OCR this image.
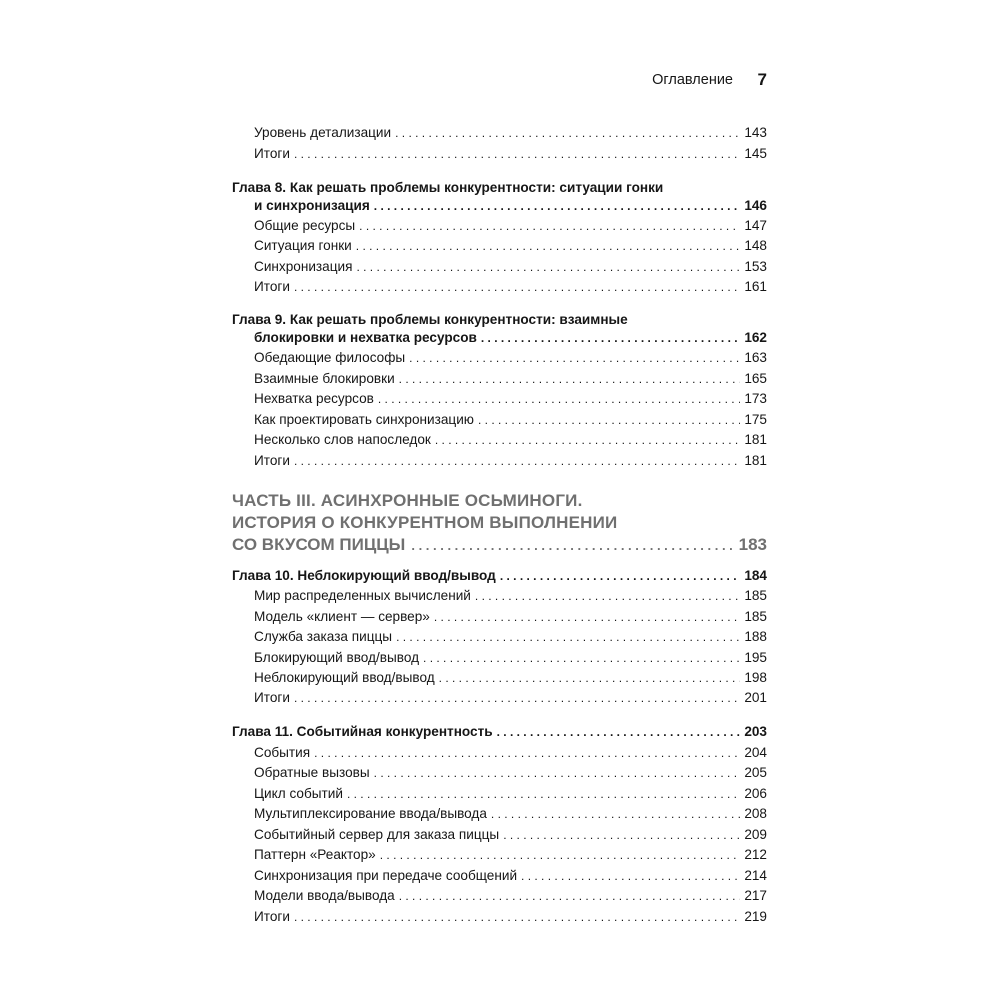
Оглавление 7
Уровень детализации . . .	143
Итоги . . .	145
Глава 8. Как решать проблемы конкурентности: ситуации гонки
и синхронизация . . .	146
Общие ресурсы . . .	147
Ситуация гонки . . .	148
Синхронизация . . .	153
Итоги . . .	161
Глава 9. Как решать проблемы конкурентности: взаимные
блокировки и нехватка ресурсов . . .	162
Обедающие философы . . .	163
Взаимные блокировки . . .	165
Нехватка ресурсов . . .	173
Как проектировать синхронизацию . . .	175
Несколько слов напоследок . . .	181
Итоги . . .	181
ЧАСТЬ III. АСИНХРОННЫЕ ОСЬМИНОГИ.
ИСТОРИЯ О КОНКУРЕНТНОМ ВЫПОЛНЕНИИ
СО ВКУСОМ ПИЦЦЫ . . .	183
Глава 10. Неблокирующий ввод/вывод . . .	184
Мир распределенных вычислений . . .	185
Модель «клиент — сервер» . . .	185
Служба заказа пиццы . . .	188
Блокирующий ввод/вывод . . .	195
Неблокирующий ввод/вывод . . .	198
Итоги . . .	201
Глава 11. Событийная конкурентность . . .	203
События . . .	204
Обратные вызовы . . .	205
Цикл событий . . .	206
Мультиплексирование ввода/вывода . . .	208
Событийный сервер для заказа пиццы . . .	209
Паттерн «Реактор» . . .	212
Синхронизация при передаче сообщений . . .	214
Модели ввода/вывода . . .	217
Итоги . . .	219
